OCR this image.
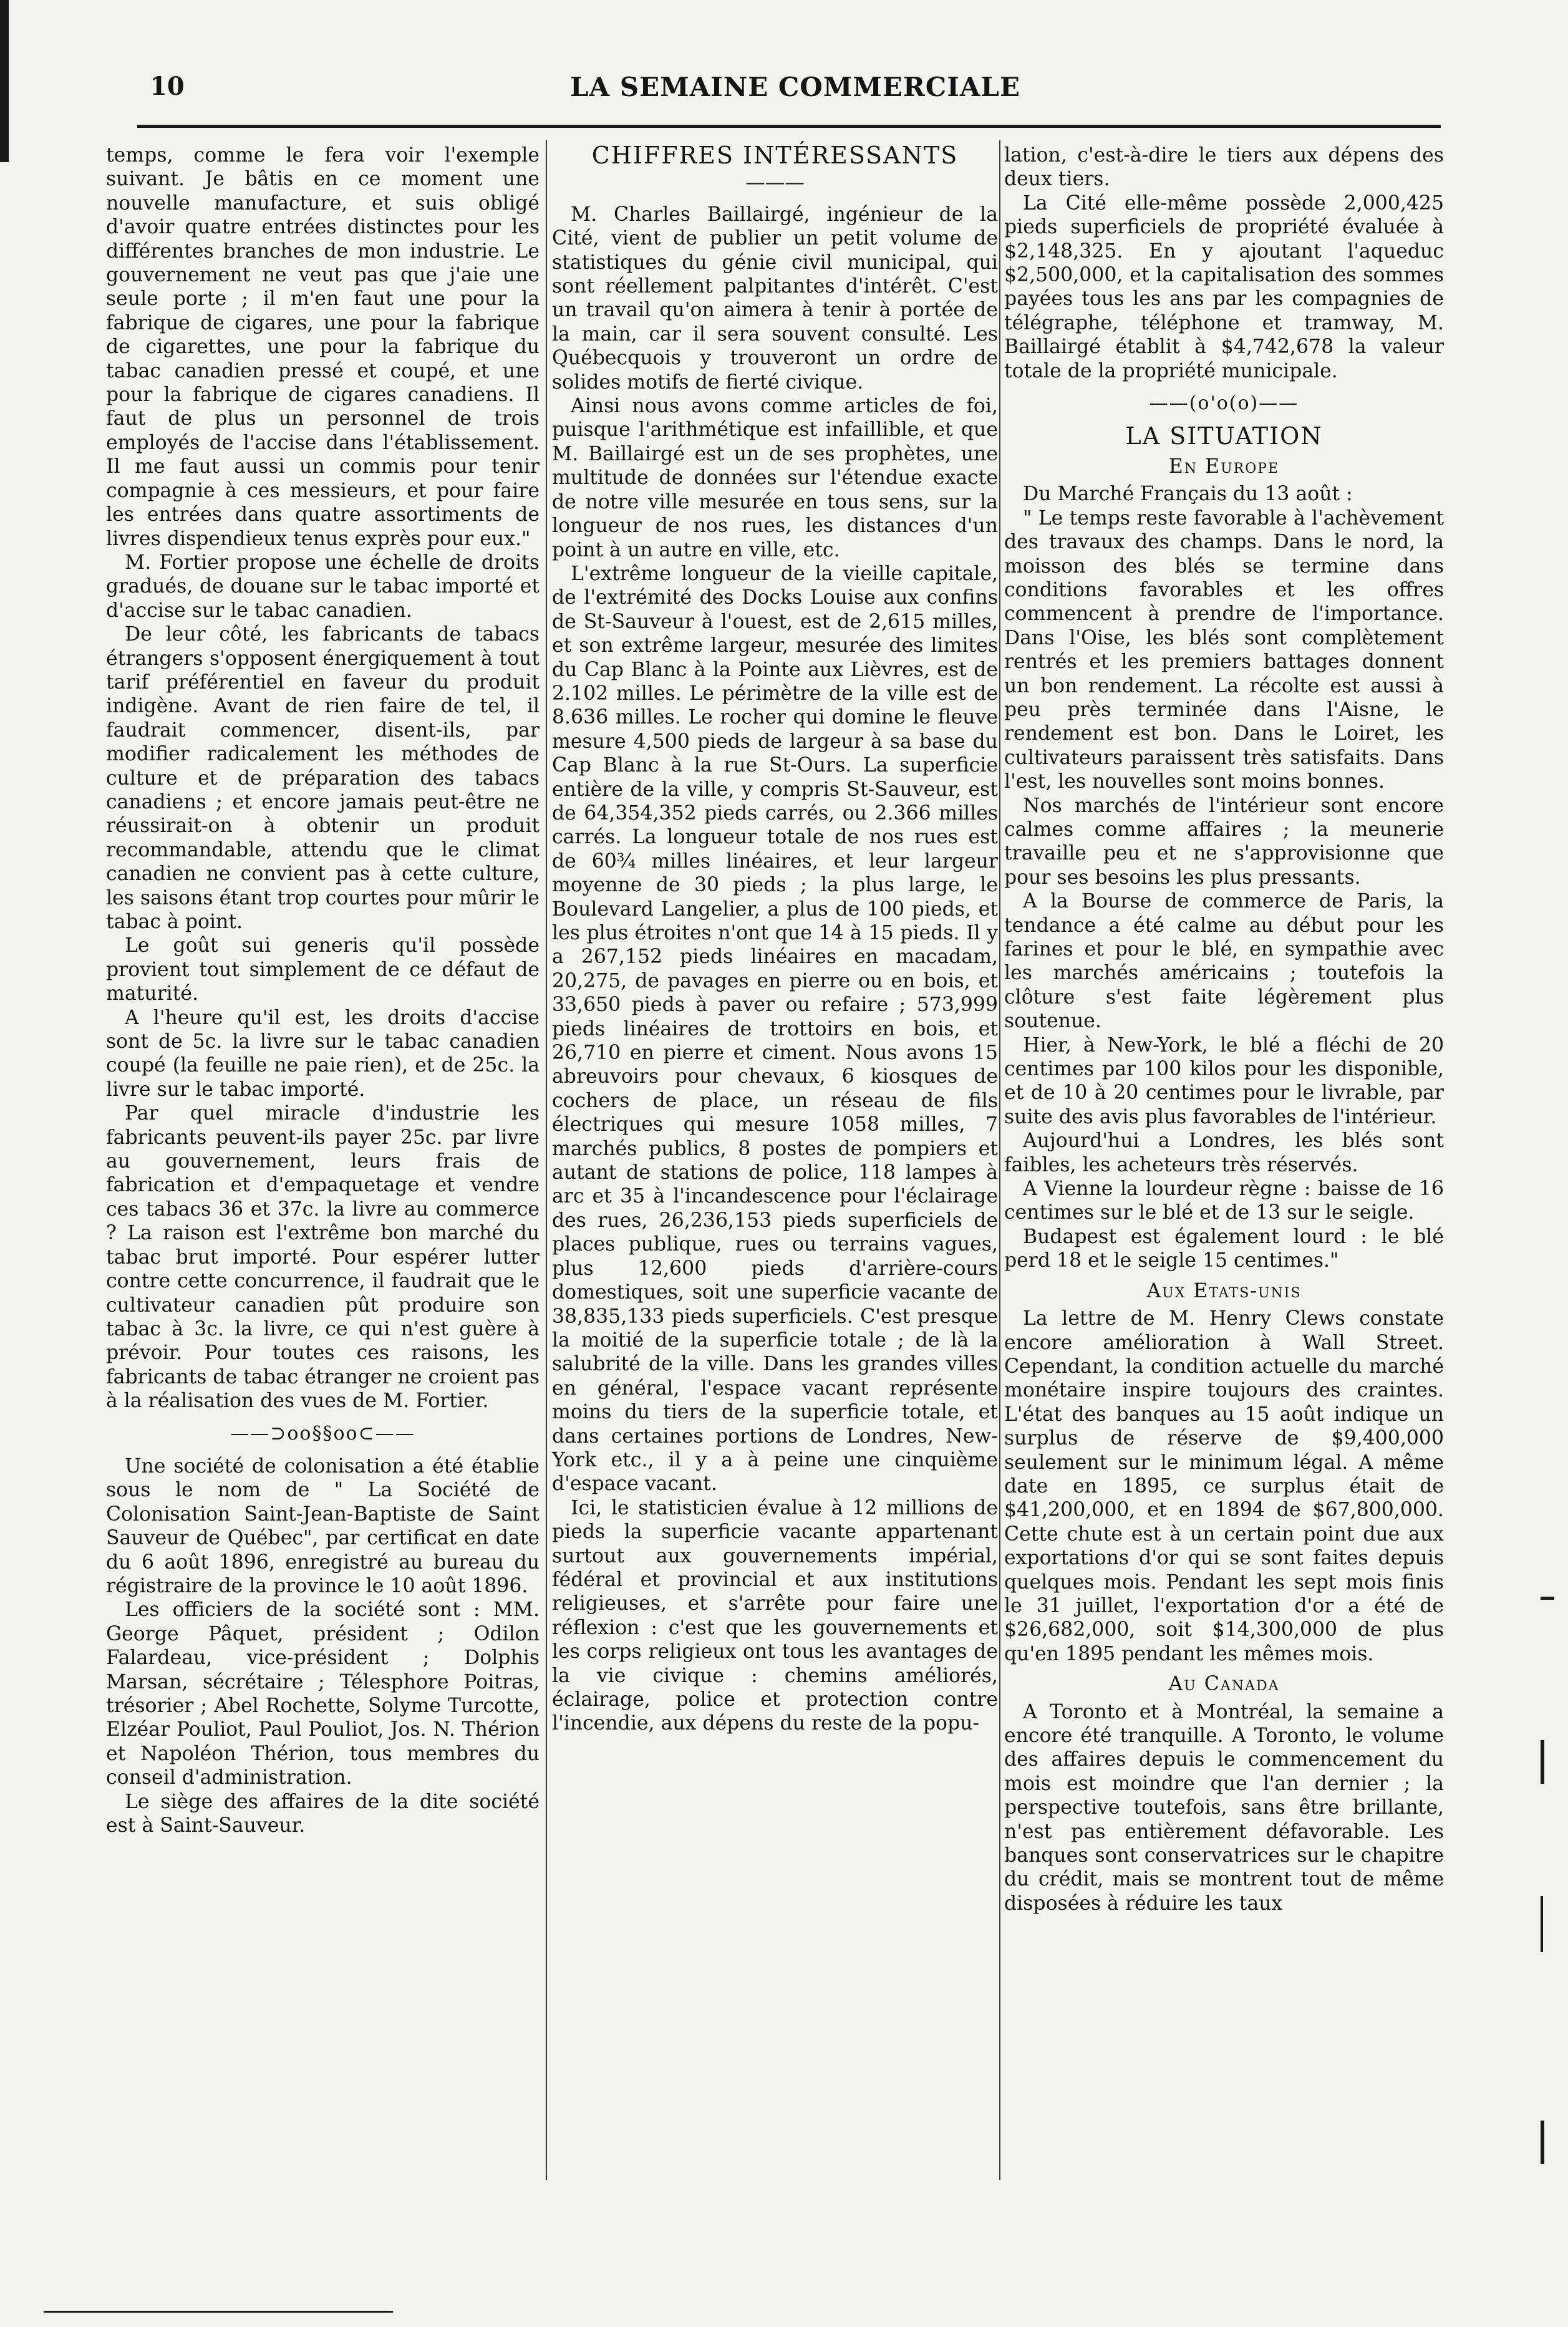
10	LA SEMAINE COMMERCIALE

temps, comme le fera voir l'exemple suivant. Je bâtis en ce moment une nouvelle manufacture, et suis obligé d'avoir quatre entrées distinctes pour les différentes branches de mon industrie. Le gouvernement ne veut pas que j'aie une seule porte ; il m'en faut une pour la fabrique de cigares, une pour la fabrique de cigarettes, une pour la fabrique du tabac canadien pressé et coupé, et une pour la fabrique de cigares canadiens. Il faut de plus un personnel de trois employés de l'accise dans l'établissement. Il me faut aussi un commis pour tenir compagnie à ces messieurs, et pour faire les entrées dans quatre assortiments de livres dispendieux tenus exprès pour eux."

M. Fortier propose une échelle de droits gradués, de douane sur le tabac importé et d'accise sur le tabac canadien.

De leur côté, les fabricants de tabacs étrangers s'opposent énergiquement à tout tarif préférentiel en faveur du produit indigène. Avant de rien faire de tel, il faudrait commencer, disent-ils, par modifier radicalement les méthodes de culture et de préparation des tabacs canadiens ; et encore jamais peut-être ne réussirait-on à obtenir un produit recommandable, attendu que le climat canadien ne convient pas à cette culture, les saisons étant trop courtes pour mûrir le tabac à point.

Le goût sui generis qu'il possède provient tout simplement de ce défaut de maturité.

A l'heure qu'il est, les droits d'accise sont de 5c. la livre sur le tabac canadien coupé (la feuille ne paie rien), et de 25c. la livre sur le tabac importé.

Par quel miracle d'industrie les fabricants peuvent-ils payer 25c. par livre au gouvernement, leurs frais de fabrication et d'empaquetage et vendre ces tabacs 36 et 37c. la livre au commerce ? La raison est l'extrême bon marché du tabac brut importé. Pour espérer lutter contre cette concurrence, il faudrait que le cultivateur canadien pût produire son tabac à 3c. la livre, ce qui n'est guère à prévoir. Pour toutes ces raisons, les fabricants de tabac étranger ne croient pas à la réalisation des vues de M. Fortier.

——⊃oo§§oo⊂——

Une société de colonisation a été établie sous le nom de " La Société de Colonisation Saint-Jean-Baptiste de Saint Sauveur de Québec", par certificat en date du 6 août 1896, enregistré au bureau du régistraire de la province le 10 août 1896.

Les officiers de la société sont : MM. George Pâquet, président ; Odilon Falardeau, vice-président ; Dolphis Marsan, sécrétaire ; Télesphore Poitras, trésorier ; Abel Rochette, Solyme Turcotte, Elzéar Pouliot, Paul Pouliot, Jos. N. Thérion et Napoléon Thérion, tous membres du conseil d'administration.

Le siège des affaires de la dite société est à Saint-Sauveur.

CHIFFRES INTÉRESSANTS

———

M. Charles Baillairgé, ingénieur de la Cité, vient de publier un petit volume de statistiques du génie civil municipal, qui sont réellement palpitantes d'intérêt. C'est un travail qu'on aimera à tenir à portée de la main, car il sera souvent consulté. Les Québecquois y trouveront un ordre de solides motifs de fierté civique.

Ainsi nous avons comme articles de foi, puisque l'arithmétique est infaillible, et que M. Baillairgé est un de ses prophètes, une multitude de données sur l'étendue exacte de notre ville mesurée en tous sens, sur la longueur de nos rues, les distances d'un point à un autre en ville, etc.

L'extrême longueur de la vieille capitale, de l'extrémité des Docks Louise aux confins de St-Sauveur à l'ouest, est de 2,615 milles, et son extrême largeur, mesurée des limites du Cap Blanc à la Pointe aux Lièvres, est de 2.102 milles. Le périmètre de la ville est de 8.636 milles. Le rocher qui domine le fleuve mesure 4,500 pieds de largeur à sa base du Cap Blanc à la rue St-Ours. La superficie entière de la ville, y compris St-Sauveur, est de 64,354,352 pieds carrés, ou 2.366 milles carrés. La longueur totale de nos rues est de 60¾ milles linéaires, et leur largeur moyenne de 30 pieds ; la plus large, le Boulevard Langelier, a plus de 100 pieds, et les plus étroites n'ont que 14 à 15 pieds. Il y a 267,152 pieds linéaires en macadam, 20,275, de pavages en pierre ou en bois, et 33,650 pieds à paver ou refaire ; 573,999 pieds linéaires de trottoirs en bois, et 26,710 en pierre et ciment. Nous avons 15 abreuvoirs pour chevaux, 6 kiosques de cochers de place, un réseau de fils électriques qui mesure 1058 milles, 7 marchés publics, 8 postes de pompiers et autant de stations de police, 118 lampes à arc et 35 à l'incandescence pour l'éclairage des rues, 26,236,153 pieds superficiels de places publique, rues ou terrains vagues, plus 12,600 pieds d'arrière-cours domestiques, soit une superficie vacante de 38,835,133 pieds superficiels. C'est presque la moitié de la superficie totale ; de là la salubrité de la ville. Dans les grandes villes en général, l'espace vacant représente moins du tiers de la superficie totale, et dans certaines portions de Londres, New-York etc., il y a à peine une cinquième d'espace vacant.

Ici, le statisticien évalue à 12 millions de pieds la superficie vacante appartenant surtout aux gouvernements impérial, fédéral et provincial et aux institutions religieuses, et s'arrête pour faire une réflexion : c'est que les gouvernements et les corps religieux ont tous les avantages de la vie civique : chemins améliorés, éclairage, police et protection contre l'incendie, aux dépens du reste de la popu-

lation, c'est-à-dire le tiers aux dépens des deux tiers.

La Cité elle-même possède 2,000,425 pieds superficiels de propriété évaluée à $2,148,325. En y ajoutant l'aqueduc $2,500,000, et la capitalisation des sommes payées tous les ans par les compagnies de télégraphe, téléphone et tramway, M. Baillairgé établit à $4,742,678 la valeur totale de la propriété municipale.

——(o'o(o)——

LA SITUATION

En Europe

Du Marché Français du 13 août :

" Le temps reste favorable à l'achèvement des travaux des champs. Dans le nord, la moisson des blés se termine dans conditions favorables et les offres commencent à prendre de l'importance. Dans l'Oise, les blés sont complètement rentrés et les premiers battages donnent un bon rendement. La récolte est aussi à peu près terminée dans l'Aisne, le rendement est bon. Dans le Loiret, les cultivateurs paraissent très satisfaits. Dans l'est, les nouvelles sont moins bonnes.

Nos marchés de l'intérieur sont encore calmes comme affaires ; la meunerie travaille peu et ne s'approvisionne que pour ses besoins les plus pressants.

A la Bourse de commerce de Paris, la tendance a été calme au début pour les farines et pour le blé, en sympathie avec les marchés américains ; toutefois la clôture s'est faite légèrement plus soutenue.

Hier, à New-York, le blé a fléchi de 20 centimes par 100 kilos pour les disponible, et de 10 à 20 centimes pour le livrable, par suite des avis plus favorables de l'intérieur.

Aujourd'hui a Londres, les blés sont faibles, les acheteurs très réservés.

A Vienne la lourdeur règne : baisse de 16 centimes sur le blé et de 13 sur le seigle.

Budapest est également lourd : le blé perd 18 et le seigle 15 centimes."

Aux Etats-unis

La lettre de M. Henry Clews constate encore amélioration à Wall Street. Cependant, la condition actuelle du marché monétaire inspire toujours des craintes. L'état des banques au 15 août indique un surplus de réserve de $9,400,000 seulement sur le minimum légal. A même date en 1895, ce surplus était de $41,200,000, et en 1894 de $67,800,000. Cette chute est à un certain point due aux exportations d'or qui se sont faites depuis quelques mois. Pendant les sept mois finis le 31 juillet, l'exportation d'or a été de $26,682,000, soit $14,300,000 de plus qu'en 1895 pendant les mêmes mois.

Au Canada

A Toronto et à Montréal, la semaine a encore été tranquille. A Toronto, le volume des affaires depuis le commencement du mois est moindre que l'an dernier ; la perspective toutefois, sans être brillante, n'est pas entièrement défavorable. Les banques sont conservatrices sur le chapitre du crédit, mais se montrent tout de même disposées à réduire les taux
